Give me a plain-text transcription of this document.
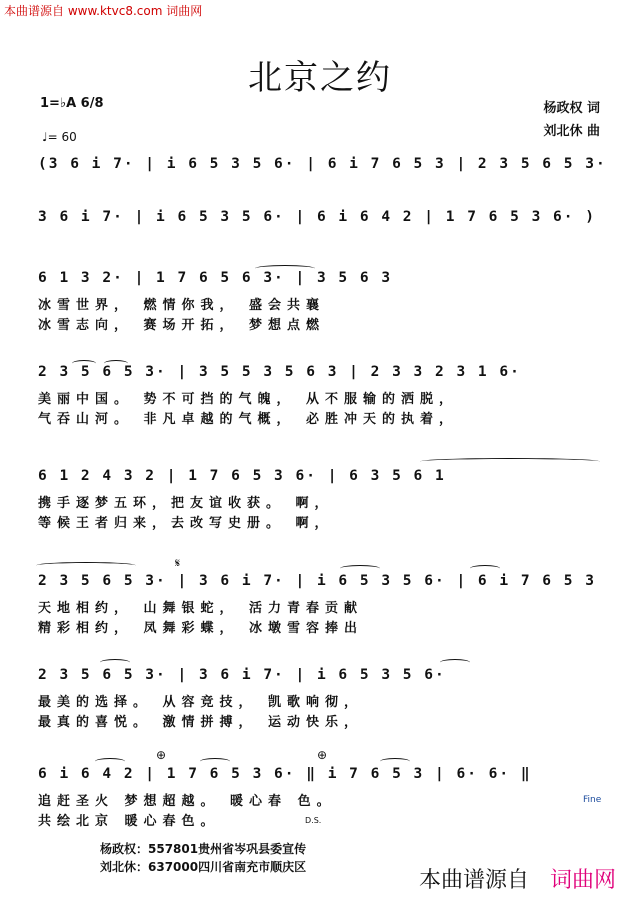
本曲谱源自 www.ktvc8.com 词曲网
北京之约
1=♭A 6/8
♩= 60
杨政权 词
刘北休 曲
(3 6 i 7· | i 6 5 3 5 6· | 6 i 7 6 5 3 | 2 3 5 6 5 3·
3 6 i 7· | i 6 5 3 5 6· | 6 i 6 4 2 | 1 7 6 5 3 6· )
6 1 3 2· | 1 7 6 5 6 3· | 3 5 6 3
冰雪世界， 燃情你我， 盛会共襄
冰雪志向， 赛场开拓， 梦想点燃
2 3 5 6 5 3· | 3 5 5 3 5 6 3 | 2 3 3 2 3 1 6·
美丽中国。 势不可挡的气魄， 从不服输的洒脱，
气吞山河。 非凡卓越的气概， 必胜冲天的执着，
6 1 2 4 3 2 | 1 7 6 5 3 6· | 6 3 5 6 1
携手逐梦五环，把友谊收获。 啊，
等候王者归来，去改写史册。 啊，
2 3 5 6 5 3· | 3 6 i 7· | i 6 5 3 5 6· | 6 i 7 6 5 3
天地相约， 山舞银蛇， 活力青春贡献
精彩相约， 凤舞彩蝶， 冰墩雪容捧出
2 3 5 6 5 3· | 3 6 i 7· | i 6 5 3 5 6·
最美的选择。 从容竞技， 凯歌响彻，
最真的喜悦。 激情拼搏， 运动快乐，
6 i 6 4 2 | 1 7 6 5 3 6· ‖ i 7 6 5 3 | 6· 6· ‖
追赶圣火 梦想超越。 暖心春 色。
共绘北京 暖心春色。
𝄋
⊕	⊕
Fine
D.S.
杨政权：557801贵州省岑巩县委宣传
刘北休：637000四川省南充市顺庆区
本曲谱源自 词曲网
